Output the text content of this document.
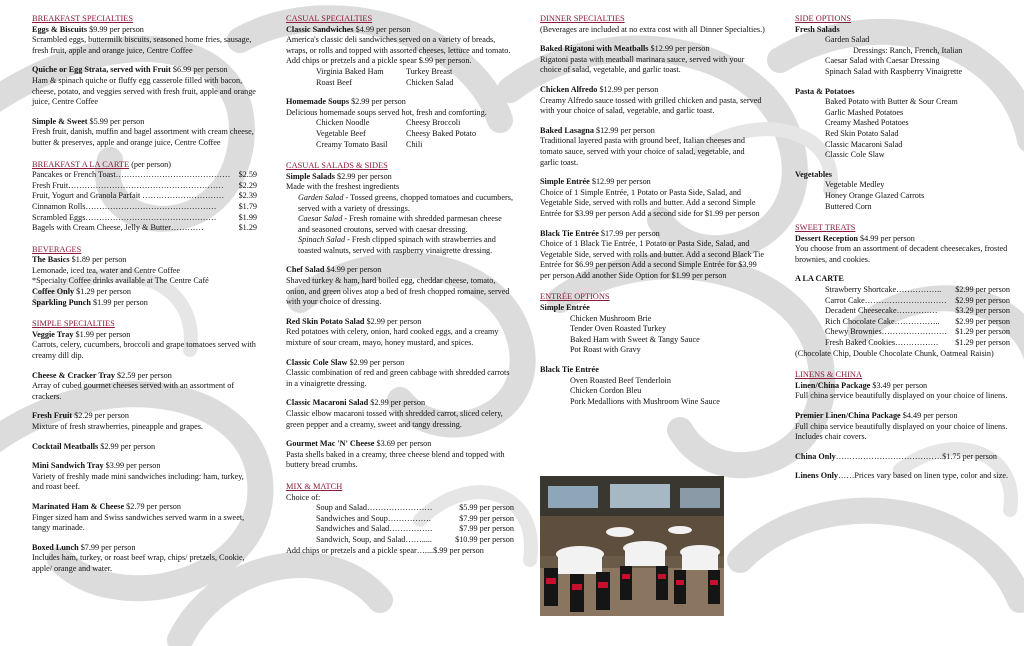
BREAKFAST SPECIALTIES
Eggs & Biscuits $9.99 per person
Scrambled eggs, buttermilk biscuits, seasoned home fries, sausage, fresh fruit, apple and orange juice, Centre Coffee
Quiche or Egg Strata, served with Fruit $6.99 per person
Ham & spinach quiche or fluffy egg casserole filled with bacon, cheese, potato, and veggies served with fresh fruit, apple and orange juice, Centre Coffee
Simple & Sweet $5.99 per person
Fresh fruit, danish, muffin and bagel assortment with cream cheese, butter & preserves, apple and orange juice, Centre Coffee
BREAKFAST A LA CARTE (per person)
Pancakes or French Toast…………………………………… $2.59
Fresh Fruit………………………………………………… $2.29
Fruit, Yogurt and Granola Parfait ………………………… $2.39
Cinnamon Rolls…………………………………………	$1.79
Scrambled Eggs…………………………………………	$1.99
Bagels with Cream Cheese, Jelly & Butter…………	$1.29
BEVERAGES
The Basics $1.89 per person
Lemonade, iced tea, water and Centre Coffee
*Specialty Coffee drinks available at The Centre Café
Coffee Only $1.29 per person
Sparkling Punch $1.99 per person
SIMPLE SPECIALTIES
Veggie Tray $1.99 per person
Carrots, celery, cucumbers, broccoli and grape tomatoes served with creamy dill dip.
Cheese & Cracker Tray $2.59 per person
Array of cubed gourmet cheeses served with an assortment of crackers.
Fresh Fruit $2.29 per person
Mixture of fresh strawberries, pineapple and grapes.
Cocktail Meatballs $2.99 per person
Mini Sandwich Tray $3.99 per person
Variety of freshly made mini sandwiches including: ham, turkey, and roast beef.
Marinated Ham & Cheese $2.79 per person
Finger sized ham and Swiss sandwiches served warm in a sweet, tangy marinade.
Boxed Lunch $7.99 per person
Includes ham, turkey, or roast beef wrap, chips/ pretzels, Cookie, apple/ orange and water.
CASUAL SPECIALTIES
Classic Sandwiches $4.99 per person
America's classic deli sandwiches served on a variety of breads, wraps, or rolls and topped with assorted cheeses, lettuce and tomato. Add chips or pretzels and a pickle spear $.99 per person.
Virginia Baked Ham	Turkey Breast
Roast Beef	Chicken Salad
Homemade Soups $2.99 per person
Delicious homemade soups served hot, fresh and comforting.
Chicken Noodle	Cheesy Broccoli
Vegetable Beef	Cheesy Baked Potato
Creamy Tomato Basil	Chili
CASUAL SALADS & SIDES
Simple Salads $2.99 per person
Made with the freshest ingredients
Garden Salad - Tossed greens, chopped tomatoes and cucumbers, served with a variety of dressings.
Caesar Salad - Fresh romaine with shredded parmesan cheese and seasoned croutons, served with caesar dressing.
Spinach Salad - Fresh clipped spinach with strawberries and toasted walnuts, served with raspberry vinaigrette dressing.
Chef Salad $4.99 per person
Shaved turkey & ham, hard boiled egg, cheddar cheese, tomato, onion, and green olives atop a bed of fresh chopped romaine, served with your choice of dressing.
Red Skin Potato Salad $2.99 per person
Red potatoes with celery, onion, hard cooked eggs, and a creamy mixture of sour cream, mayo, honey mustard, and spices.
Classic Cole Slaw $2.99 per person
Classic combination of red and green cabbage with shredded carrots in a vinaigrette dressing.
Classic Macaroni Salad $2.99 per person
Classic elbow macaroni tossed with shredded carrot, sliced celery, green pepper and a creamy, sweet and tangy dressing.
Gourmet Mac 'N' Cheese $3.69 per person
Pasta shells baked in a creamy, three cheese blend and topped with buttery bread crumbs.
MIX & MATCH
Choice of:
Soup and Salad……………………	$5.99 per person
Sandwiches and Soup…………….	$7.99 per person
Sandwiches and Salad…………….	$7.99 per person
Sandwich, Soup, and Salad…….....	$10.99 per person
Add chips or pretzels and a pickle spear…....$.99 per person
DINNER SPECIALTIES
(Beverages are included at no extra cost with all Dinner Specialties.)
Baked Rigatoni with Meatballs $12.99 per person
Rigatoni pasta with meatball marinara sauce, served with your choice of salad, vegetable, and garlic toast.
Chicken Alfredo $12.99 per person
Creamy Alfredo sauce tossed with grilled chicken and pasta, served with your choice of salad, vegetable, and garlic toast.
Baked Lasagna $12.99 per person
Traditional layered pasta with ground beef, Italian cheeses and tomato sauce, served with your choice of salad, vegetable, and garlic toast.
Simple Entrée $12.99 per person
Choice of 1 Simple Entrée, 1 Potato or Pasta Side, Salad, and Vegetable Side, served with rolls and butter. Add a second Simple Entrée for $3.99 per person Add a second side for $1.99 per person
Black Tie Entrée $17.99 per person
Choice of 1 Black Tie Entrée, 1 Potato or Pasta Side, Salad, and Vegetable Side, served with rolls and butter. Add a second Black Tie Entrée for $6.99 per person Add a second Simple Entrée for $3.99 per person Add another Side Option for $1.99 per person
ENTRÉE OPTIONS
Simple Entrée
Chicken Mushroom Brie
Tender Oven Roasted Turkey
Baked Ham with Sweet & Tangy Sauce
Pot Roast with Gravy
Black Tie Entrée
Oven Roasted Beef Tenderloin
Chicken Cordon Bleu
Pork Medallions with Mushroom Wine Sauce
SIDE OPTIONS
Fresh Salads
Garden Salad
Dressings: Ranch, French, Italian
Caesar Salad with Caesar Dressing
Spinach Salad with Raspberry Vinaigrette
Pasta & Potatoes
Baked Potato with Butter & Sour Cream
Garlic Mashed Potatoes
Creamy Mashed Potatoes
Red Skin Potato Salad
Classic Macaroni Salad
Classic Cole Slaw
Vegetables
Vegetable Medley
Honey Orange Glazed Carrots
Buttered Corn
SWEET TREATS
Dessert Reception $4.99 per person
You choose from an assortment of decadent cheesecakes, frosted brownies, and cookies.
A LA CARTE
Strawberry Shortcake…………….. $2.99 per person
Carrot Cake………………………… $2.99 per person
Decadent Cheesecake…………… $3.29 per person
Rich Chocolate Cake…………….. $2.99 per person
Chewy Brownies…………………… $1.29 per person
Fresh Baked Cookies……………. $1.29 per person
(Chocolate Chip, Double Chocolate Chunk, Oatmeal Raisin)
LINENS & CHINA
Linen/China Package $3.49 per person
Full china service beautifully displayed on your choice of linens.
Premier Linen/China Package $4.49 per person
Full china service beautifully displayed on your choice of linens. Includes chair covers.
China Only…………………………………$1.75 per person
Linens Only……Prices vary based on linen type, color and size.
